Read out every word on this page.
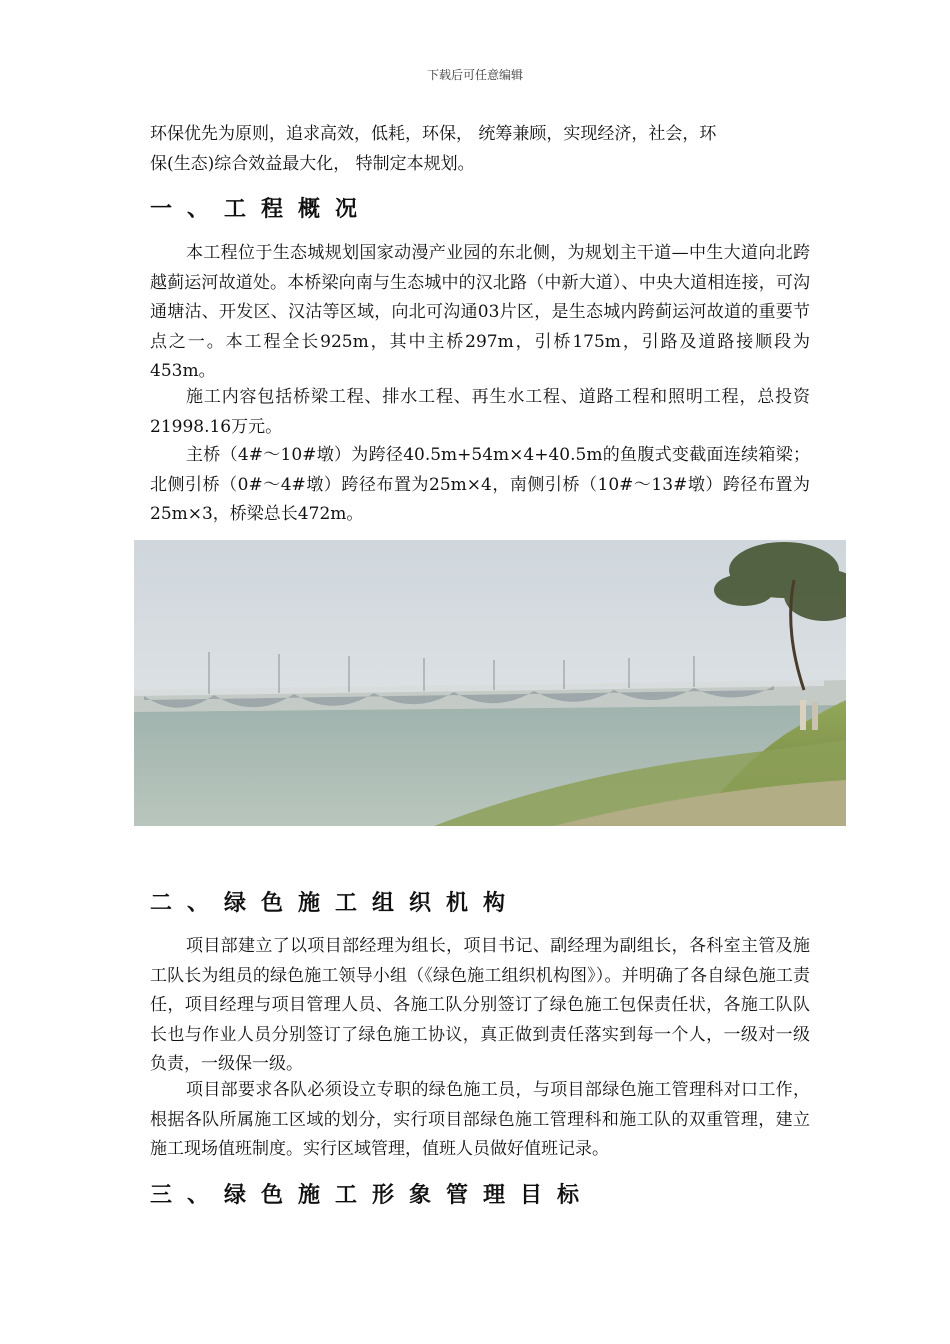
下载后可任意编辑

环保优先为原则，追求高效，低耗，环保， 统筹兼顾，实现经济，社会，环
保(生态)综合效益最大化， 特制定本规划。

一、工程概况

本工程位于生态城规划国家动漫产业园的东北侧，为规划主干道—中生大道向北跨越蓟运河故道处。本桥梁向南与生态城中的汉北路（中新大道）、中央大道相连接，可沟通塘沽、开发区、汉沽等区域，向北可沟通03片区，是生态城内跨蓟运河故道的重要节点之一。本工程全长925m，其中主桥297m，引桥175m，引路及道路接顺段为453m。

施工内容包括桥梁工程、排水工程、再生水工程、道路工程和照明工程，总投资21998.16万元。

主桥（4#～10#墩）为跨径40.5m+54m×4+40.5m的鱼腹式变截面连续箱梁；北侧引桥（0#～4#墩）跨径布置为25m×4，南侧引桥（10#～13#墩）跨径布置为25m×3，桥梁总长472m。

二、绿色施工组织机构

项目部建立了以项目部经理为组长，项目书记、副经理为副组长，各科室主管及施工队长为组员的绿色施工领导小组（《绿色施工组织机构图》）。并明确了各自绿色施工责任，项目经理与项目管理人员、各施工队分别签订了绿色施工包保责任状，各施工队队长也与作业人员分别签订了绿色施工协议，真正做到责任落实到每一个人，一级对一级负责，一级保一级。

项目部要求各队必须设立专职的绿色施工员，与项目部绿色施工管理科对口工作，根据各队所属施工区域的划分，实行项目部绿色施工管理科和施工队的双重管理，建立施工现场值班制度。实行区域管理，值班人员做好值班记录。

三、绿色施工形象管理目标
